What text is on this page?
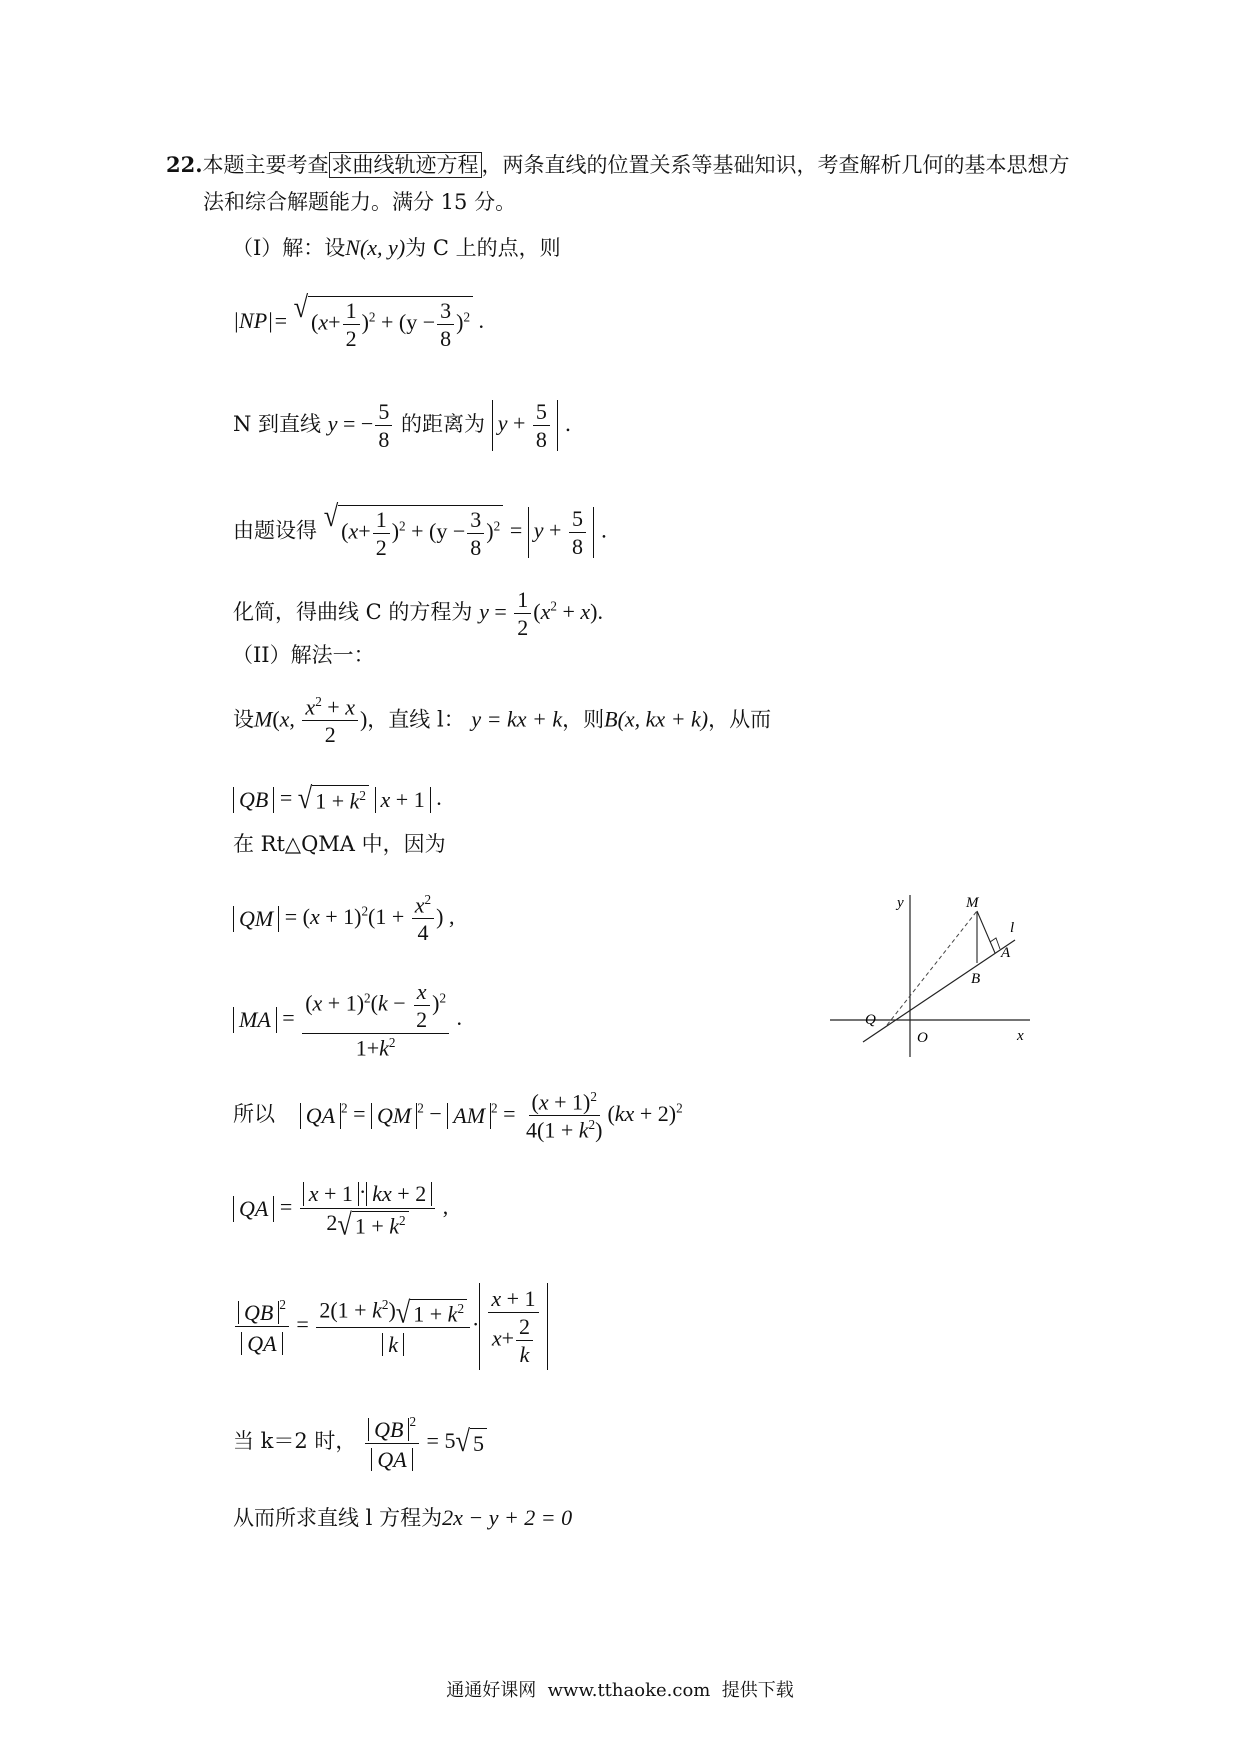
22.本题主要考查 求曲线轨迹方程 ，两条直线的位置关系等基础知识，考查解析几何的基本思想方
法和综合解题能力。满分 15 分。
（I）解：设N(x, y)为 C 上的点，则
|NP|= √ $(x+ \frac{1}{2} )^2 + (y - \frac{3}{8} )^2$ .
N 到直线 y = − $\frac{5}{8}$ 的距离为 $y + \frac{5}{8}$ .
由题设得 √ $(x+ \frac{1}{2} )^2 + (y - \frac{3}{8} )^2 = y + \frac{5}{8}$ .
化简，得曲线 C 的方程为 $y = \frac{1}{2} (x^2 + x)$.
（II）解法一：
设M(x, $\frac{x^2 + x}{2}$ )，直线 l： y = kx + k，则B(x, kx + k)，从而
QB = √ $1 + k^2$ x + 1 .
在 Rt△QMA 中，因为
QM = $(x + 1)^2(1 + \frac{x^2}{4}$ ) ,
MA = $\frac{(x + 1)^2(k - \frac{x}{2} )^2}{1+k^2}$ .
所以 QA $^2$ = QM $^2$ − AM $^2 = \frac{(x + 1)^2}{4(1 + k^2)} (kx + 2)^2$
QA = $\frac{x + 1 \cdot kx + 2}{2 √ 1 + k^2}$ ,
$\frac{QB ^2}{QA} = \frac{2(1 + k^2) √ 1 + k^2}{k} \cdot \frac{x + 1}{x+ \frac{2}{k}}$
当 k＝2 时， $\frac{QB ^2}{QA} = 5$ √ 5
从而所求直线 l 方程为2x − y + 2 = 0
y
x
O
Q
M
A
B
l
通通好课网  www.tthaoke.com  提供下载
